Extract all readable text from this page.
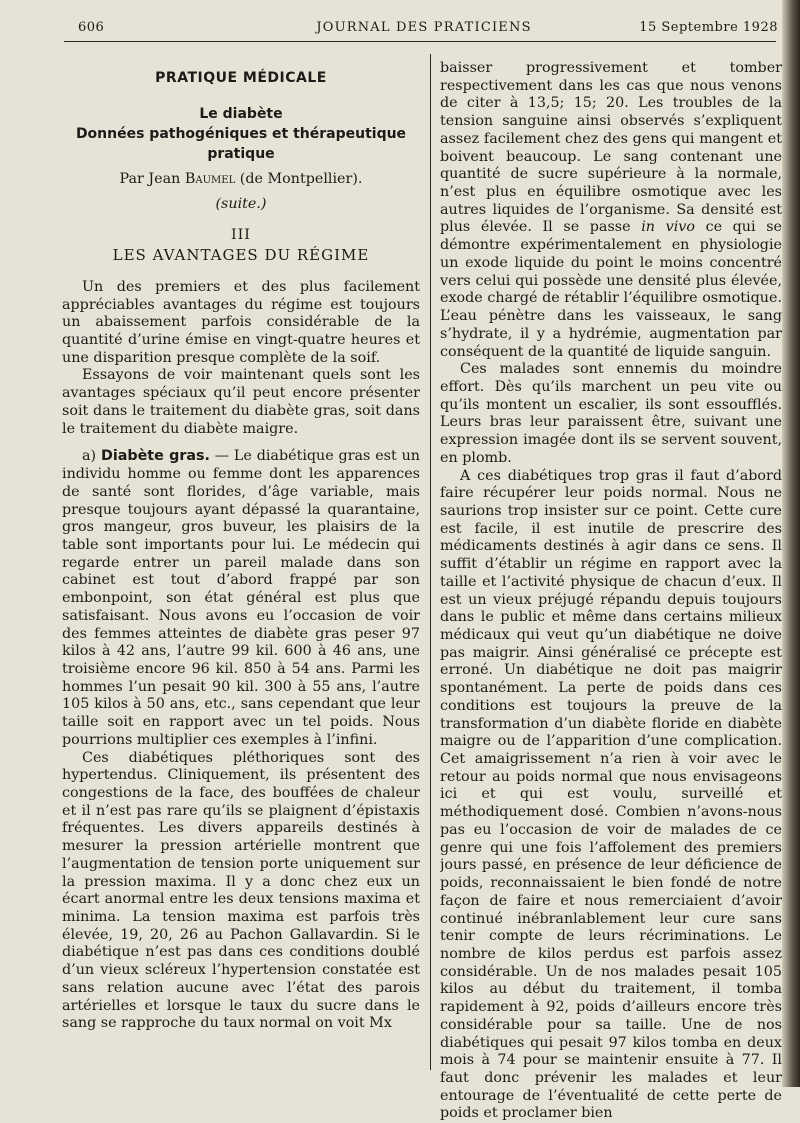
606	JOURNAL DES PRATICIENS	15 Septembre 1928
PRATIQUE MÉDICALE
Le diabète
Données pathogéniques et thérapeutique pratique
Par Jean Baumel (de Montpellier).
(suite.)
III
LES AVANTAGES DU RÉGIME

Un des premiers et des plus facilement appréciables avantages du régime est toujours un abaissement parfois considérable de la quantité d’urine émise en vingt-quatre heures et une disparition presque complète de la soif.

Essayons de voir maintenant quels sont les avantages spéciaux qu’il peut encore présenter soit dans le traitement du diabète gras, soit dans le traitement du diabète maigre.

a) Diabète gras. — Le diabétique gras est un individu homme ou femme dont les apparences de santé sont florides, d’âge variable, mais presque toujours ayant dépassé la quarantaine, gros mangeur, gros buveur, les plaisirs de la table sont importants pour lui. Le médecin qui regarde entrer un pareil malade dans son cabinet est tout d’abord frappé par son embonpoint, son état général est plus que satisfaisant. Nous avons eu l’occasion de voir des femmes atteintes de diabète gras peser 97 kilos à 42 ans, l’autre 99 kil. 600 à 46 ans, une troisième encore 96 kil. 850 à 54 ans. Parmi les hommes l’un pesait 90 kil. 300 à 55 ans, l’autre 105 kilos à 50 ans, etc., sans cependant que leur taille soit en rapport avec un tel poids. Nous pourrions multiplier ces exemples à l’infini.

Ces diabétiques pléthoriques sont des hypertendus. Cliniquement, ils présentent des congestions de la face, des bouffées de chaleur et il n’est pas rare qu’ils se plaignent d’épistaxis fréquentes. Les divers appareils destinés à mesurer la pression artérielle montrent que l’augmentation de tension porte uniquement sur la pression maxima. Il y a donc chez eux un écart anormal entre les deux tensions maxima et minima. La tension maxima est parfois très élevée, 19, 20, 26 au Pachon Gallavardin. Si le diabétique n’est pas dans ces conditions doublé d’un vieux scléreux l’hypertension constatée est sans relation aucune avec l’état des parois artérielles et lorsque le taux du sucre dans le sang se rapproche du taux normal on voit Mx

baisser progressivement et tomber respectivement dans les cas que nous venons de citer à 13,5; 15; 20. Les troubles de la tension sanguine ainsi observés s’expliquent assez facilement chez des gens qui mangent et boivent beaucoup. Le sang contenant une quantité de sucre supérieure à la normale, n’est plus en équilibre osmotique avec les autres liquides de l’organisme. Sa densité est plus élevée. Il se passe in vivo ce qui se démontre expérimentalement en physiologie un exode liquide du point le moins concentré vers celui qui possède une densité plus élevée, exode chargé de rétablir l’équilibre osmotique. L’eau pénètre dans les vaisseaux, le sang s’hydrate, il y a hydrémie, augmentation par conséquent de la quantité de liquide sanguin.

Ces malades sont ennemis du moindre effort. Dès qu’ils marchent un peu vite ou qu’ils montent un escalier, ils sont essoufflés. Leurs bras leur paraissent être, suivant une expression imagée dont ils se servent souvent, en plomb.

A ces diabétiques trop gras il faut d’abord faire récupérer leur poids normal. Nous ne saurions trop insister sur ce point. Cette cure est facile, il est inutile de prescrire des médicaments destinés à agir dans ce sens. Il suffit d’établir un régime en rapport avec la taille et l’activité physique de chacun d’eux. Il est un vieux préjugé répandu depuis toujours dans le public et même dans certains milieux médicaux qui veut qu’un diabétique ne doive pas maigrir. Ainsi généralisé ce précepte est erroné. Un diabétique ne doit pas maigrir spontanément. La perte de poids dans ces conditions est toujours la preuve de la transformation d’un diabète floride en diabète maigre ou de l’apparition d’une complication. Cet amaigrissement n’a rien à voir avec le retour au poids normal que nous envisageons ici et qui est voulu, surveillé et méthodiquement dosé. Combien n’avons-nous pas eu l’occasion de voir de malades de ce genre qui une fois l’affolement des premiers jours passé, en présence de leur déficience de poids, reconnaissaient le bien fondé de notre façon de faire et nous remerciaient d’avoir continué inébranlablement leur cure sans tenir compte de leurs récriminations. Le nombre de kilos perdus est parfois assez considérable. Un de nos malades pesait 105 kilos au début du traitement, il tomba rapidement à 92, poids d’ailleurs encore très considérable pour sa taille. Une de nos diabétiques qui pesait 97 kilos tomba en deux mois à 74 pour se maintenir ensuite à 77. Il faut donc prévenir les malades et leur entourage de l’éventualité de cette perte de poids et proclamer bien
